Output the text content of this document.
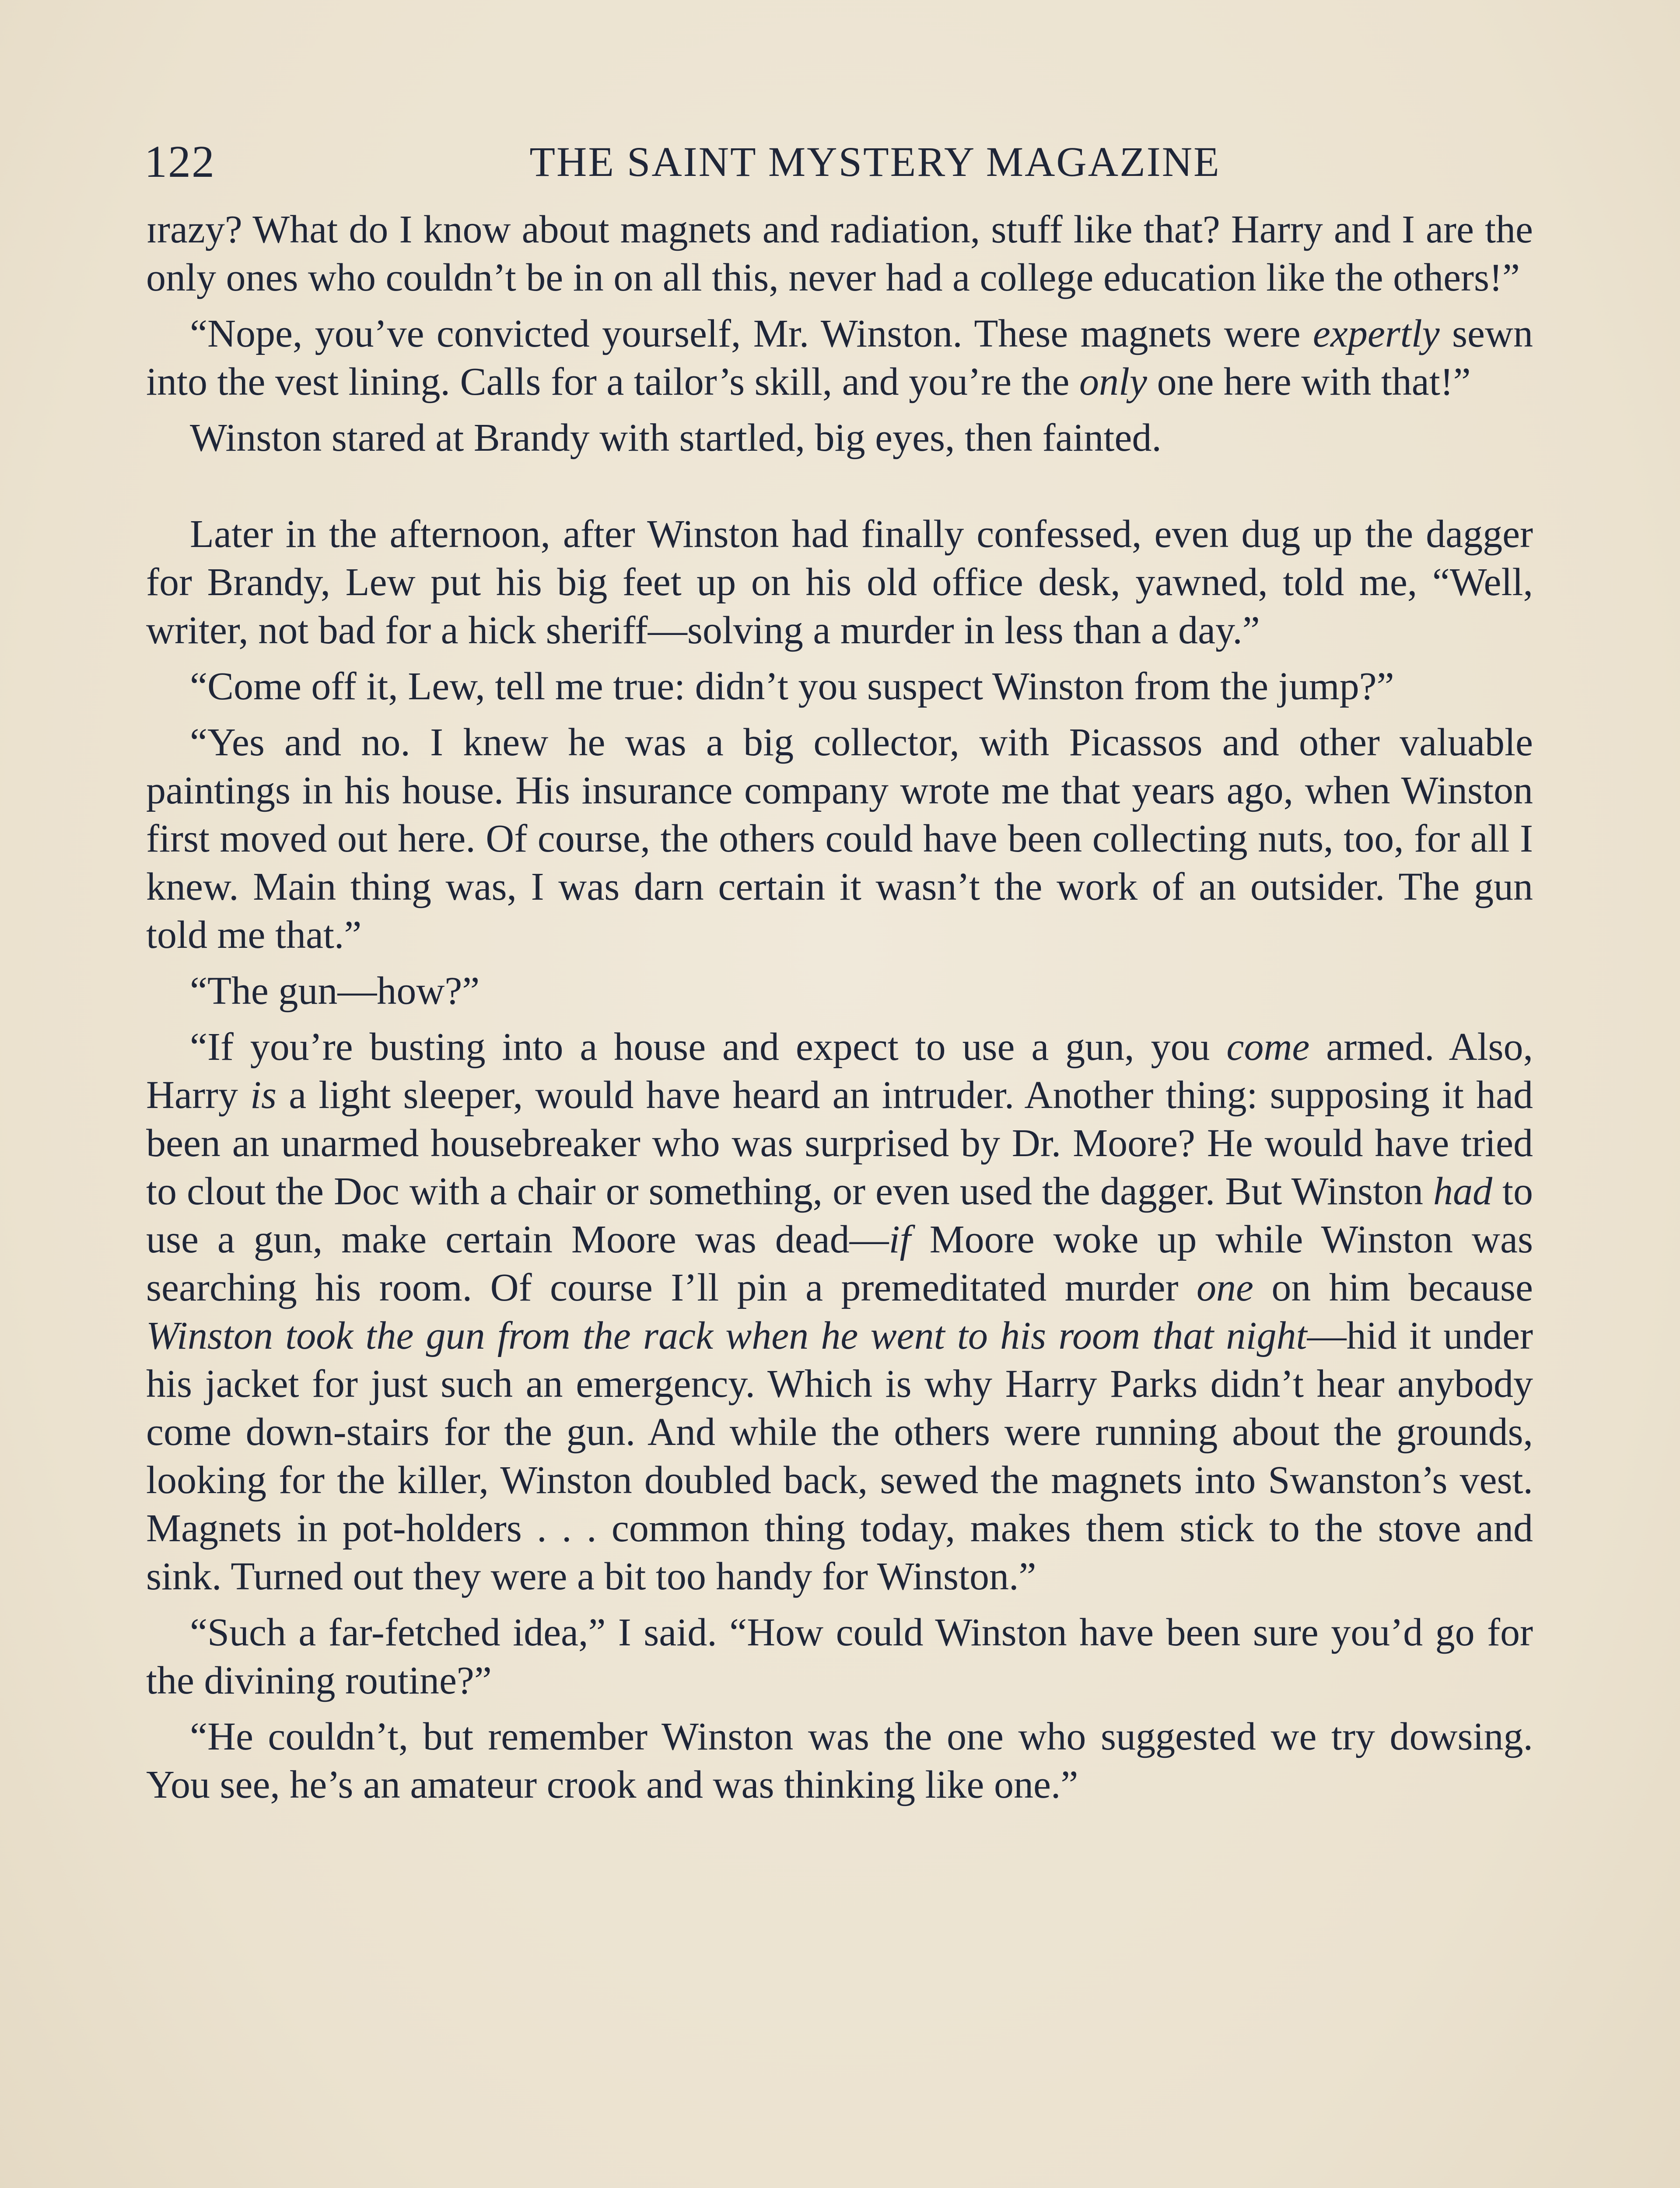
122	THE SAINT MYSTERY MAGAZINE

ɪrazy? What do I know about magnets and radiation, stuff like that? Harry and I are the only ones who couldn’t be in on all this, never had a college education like the others!”

“Nope, you’ve convicted yourself, Mr. Winston. These magnets were expertly sewn into the vest lining. Calls for a tailor’s skill, and you’re the only one here with that!”

Winston stared at Brandy with startled, big eyes, then fainted.

Later in the afternoon, after Winston had finally confessed, even dug up the dagger for Brandy, Lew put his big feet up on his old office desk, yawned, told me, “Well, writer, not bad for a hick sheriff—solving a murder in less than a day.”

“Come off it, Lew, tell me true: didn’t you suspect Winston from the jump?”

“Yes and no. I knew he was a big collector, with Picassos and other valuable paintings in his house. His insurance company wrote me that years ago, when Winston first moved out here. Of course, the others could have been collecting nuts, too, for all I knew. Main thing was, I was darn certain it wasn’t the work of an outsider. The gun told me that.”

“The gun—how?”

“If you’re busting into a house and expect to use a gun, you come armed. Also, Harry is a light sleeper, would have heard an intruder. Another thing: supposing it had been an unarmed housebreaker who was surprised by Dr. Moore? He would have tried to clout the Doc with a chair or something, or even used the dagger. But Winston had to use a gun, make certain Moore was dead—if Moore woke up while Winston was searching his room. Of course I’ll pin a premeditated murder one on him because Winston took the gun from the rack when he went to his room that night—hid it under his jacket for just such an emergency. Which is why Harry Parks didn’t hear anybody come down-stairs for the gun. And while the others were running about the grounds, looking for the killer, Winston doubled back, sewed the magnets into Swanston’s vest. Magnets in pot-holders . . . common thing today, makes them stick to the stove and sink. Turned out they were a bit too handy for Winston.”

“Such a far-fetched idea,” I said. “How could Winston have been sure you’d go for the divining routine?”

“He couldn’t, but remember Winston was the one who suggested we try dowsing. You see, he’s an amateur crook and was thinking like one.”
